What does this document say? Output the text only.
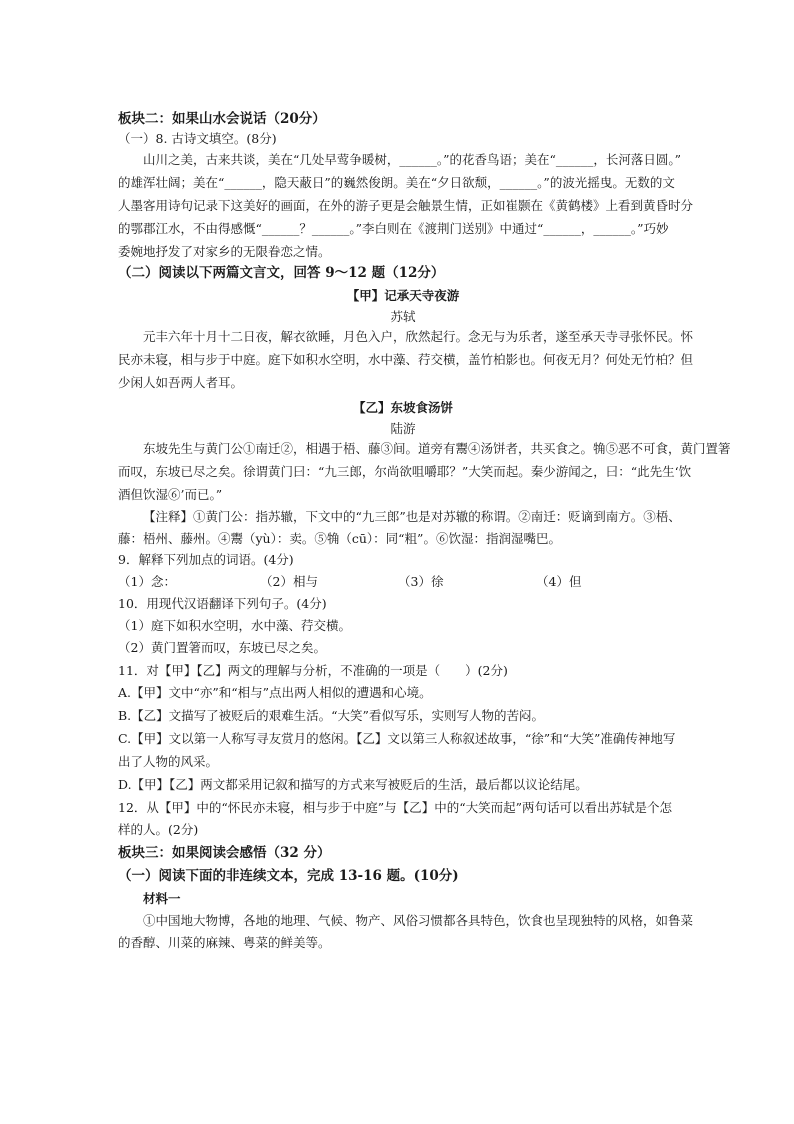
板块二：如果山水会说话（20分）
（一）8. 古诗文填空。(8分)
山川之美，古来共谈，美在“几处早莺争暖树，______。”的花香鸟语；美在“______，长河落日圆。”
的雄浑壮阔；美在“______，隐天蔽日”的巍然俊朗。美在“夕日欲颓，______。”的波光摇曳。无数的文
人墨客用诗句记录下这美好的画面，在外的游子更是会触景生情，正如崔颢在《黄鹤楼》上看到黄昏时分
的鄂郡江水，不由得感慨“______？______。”李白则在《渡荆门送别》中通过“______，______。”巧妙
委婉地抒发了对家乡的无限眷恋之情。
（二）阅读以下两篇文言文，回答 9～12 题（12分）
【甲】记承天寺夜游
苏轼
元丰六年十月十二日夜，解衣欲睡，月色入户，欣然起行。念无与为乐者，遂至承天寺寻张怀民。怀
民亦未寝，相与步于中庭。庭下如积水空明，水中藻、荇交横，盖竹柏影也。何夜无月？何处无竹柏？但
少闲人如吾两人者耳。
【乙】东坡食汤饼
陆游
东坡先生与黄门公①南迁②，相遇于梧、藤③间。道旁有鬻④汤饼者，共买食之。觕⑤恶不可食，黄门置箸
而叹，东坡已尽之矣。徐谓黄门曰：“九三郎，尔尚欲咀嚼耶？”大笑而起。秦少游闻之，曰：“此先生‘饮
酒但饮湿⑥’而已。”
【注释】①黄门公：指苏辙，下文中的“九三郎”也是对苏辙的称谓。②南迁：贬谪到南方。③梧、
藤：梧州、藤州。④鬻（yù）：卖。⑤觕（cū）：同“粗”。⑥饮湿：指润湿嘴巴。
9．解释下列加点的词语。(4分)
（1）念：	（2）相与	（3）徐	（4）但
10．用现代汉语翻译下列句子。(4分)
（1）庭下如积水空明，水中藻、荇交横。
（2）黄门置箸而叹，东坡已尽之矣。
11．对【甲】【乙】两文的理解与分析，不准确的一项是（　　）(2分)
A.【甲】文中“亦”和“相与”点出两人相似的遭遇和心境。
B.【乙】文描写了被贬后的艰难生活。“大笑”看似写乐，实则写人物的苦闷。
C.【甲】文以第一人称写寻友赏月的悠闲。【乙】文以第三人称叙述故事，“徐”和“大笑”准确传神地写
出了人物的风采。
D.【甲】【乙】两文都采用记叙和描写的方式来写被贬后的生活，最后都以议论结尾。
12．从【甲】中的“怀民亦未寝，相与步于中庭”与【乙】中的“大笑而起”两句话可以看出苏轼是个怎
样的人。(2分)
板块三：如果阅读会感悟（32 分）
（一）阅读下面的非连续文本，完成 13-16 题。(10分)
材料一
①中国地大物博，各地的地理、气候、物产、风俗习惯都各具特色，饮食也呈现独特的风格，如鲁菜
的香醇、川菜的麻辣、粤菜的鲜美等。
